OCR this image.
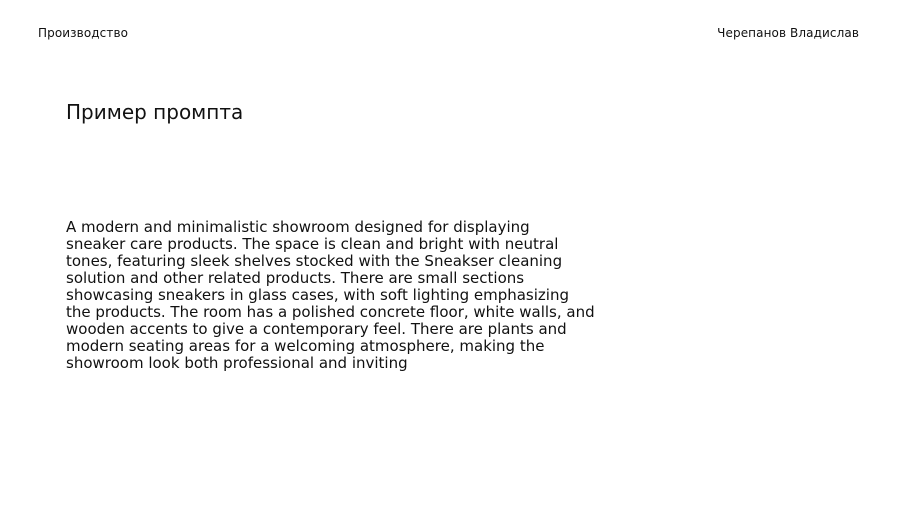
Производство	Черепанов Владислав
Пример промпта
A modern and minimalistic showroom designed for displaying
sneaker care products. The space is clean and bright with neutral
tones, featuring sleek shelves stocked with the Sneakser cleaning
solution and other related products. There are small sections
showcasing sneakers in glass cases, with soft lighting emphasizing
the products. The room has a polished concrete floor, white walls, and
wooden accents to give a contemporary feel. There are plants and
modern seating areas for a welcoming atmosphere, making the
showroom look both professional and inviting
